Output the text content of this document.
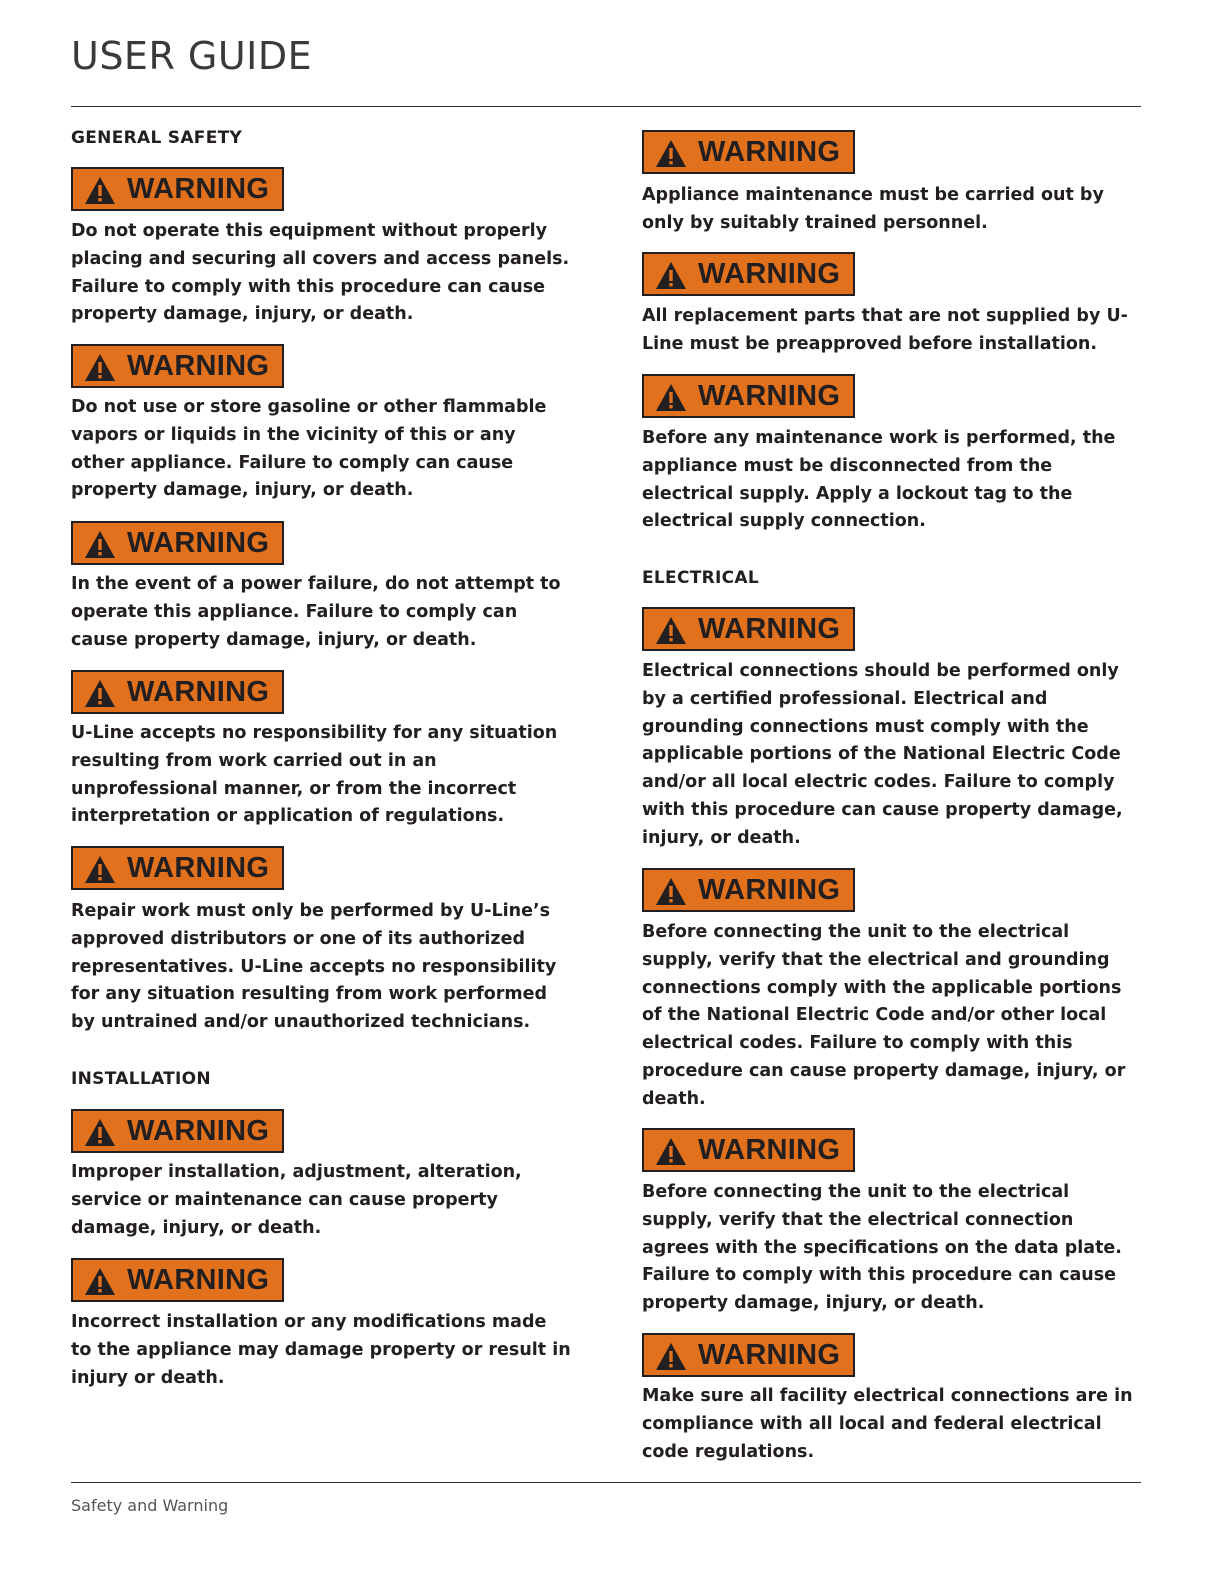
USER GUIDE
GENERAL SAFETY
WARNING
Do not operate this equipment without properly placing and securing all covers and access panels. Failure to comply with this procedure can cause property damage, injury, or death.
WARNING
Do not use or store gasoline or other flammable vapors or liquids in the vicinity of this or any other appliance. Failure to comply can cause property damage, injury, or death.
WARNING
In the event of a power failure, do not attempt to operate this appliance. Failure to comply can cause property damage, injury, or death.
WARNING
U-Line accepts no responsibility for any situation resulting from work carried out in an unprofessional manner, or from the incorrect interpretation or application of regulations.
WARNING
Repair work must only be performed by U-Line’s approved distributors or one of its authorized representatives. U-Line accepts no responsibility for any situation resulting from work performed by untrained and/or unauthorized technicians.
INSTALLATION
WARNING
Improper installation, adjustment, alteration, service or maintenance can cause property damage, injury, or death.
WARNING
Incorrect installation or any modifications made to the appliance may damage property or result in injury or death.
WARNING
Appliance maintenance must be carried out by only by suitably trained personnel.
WARNING
All replacement parts that are not supplied by U-Line must be preapproved before installation.
WARNING
Before any maintenance work is performed, the appliance must be disconnected from the electrical supply. Apply a lockout tag to the electrical supply connection.
ELECTRICAL
WARNING
Electrical connections should be performed only by a certified professional. Electrical and grounding connections must comply with the applicable portions of the National Electric Code and/or all local electric codes. Failure to comply with this procedure can cause property damage, injury, or death.
WARNING
Before connecting the unit to the electrical supply, verify that the electrical and grounding connections comply with the applicable portions of the National Electric Code and/or other local electrical codes. Failure to comply with this procedure can cause property damage, injury, or death.
WARNING
Before connecting the unit to the electrical supply, verify that the electrical connection agrees with the specifications on the data plate. Failure to comply with this procedure can cause property damage, injury, or death.
WARNING
Make sure all facility electrical connections are in compliance with all local and federal electrical code regulations.
Safety and Warning
